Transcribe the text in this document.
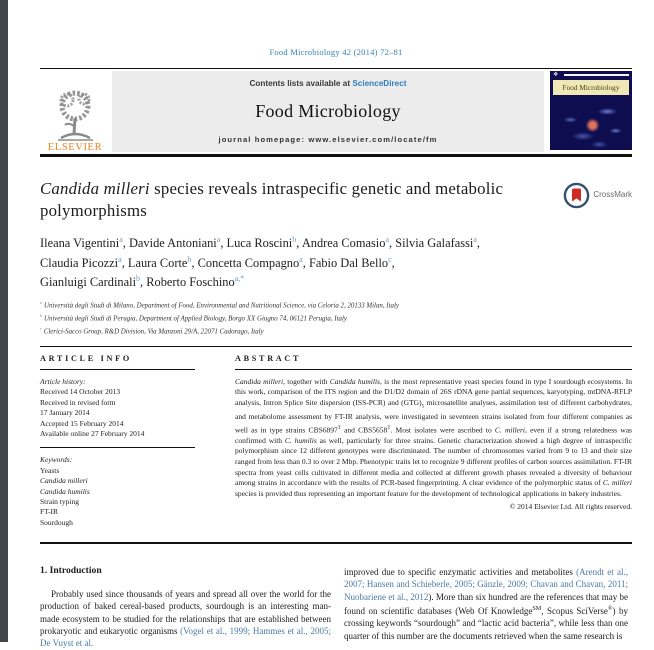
Food Microbiology 42 (2014) 72–81
ELSEVIER
Contents lists available at ScienceDirect
Food Microbiology
journal homepage: www.elsevier.com/locate/fm
❖
Food Microbiology
Candida milleri species reveals intraspecific genetic and metabolic polymorphisms
CrossMark
Ileana Vigentini$^a$, Davide Antoniani$^a$, Luca Roscini$^b$, Andrea Comasio$^a$, Silvia Galafassi$^a$,
Claudia Picozzi$^a$, Laura Corte$^b$, Concetta Compagno$^a$, Fabio Dal Bello$^c$,
Gianluigi Cardinali$^b$, Roberto Foschino$^{a,*}$
$^a$ Università degli Studi di Milano, Department of Food, Environmental and Nutritional Science, via Celoria 2, 20133 Milan, Italy
$^b$ Università degli Studi di Perugia, Department of Applied Biology, Borgo XX Giugno 74, 06121 Perugia, Italy
$^c$ Clerici-Sacco Group, R&D Division, Via Manzoni 29/A, 22071 Cadorago, Italy
ARTICLE INFO
Article history:
Received 14 October 2013
Received in revised form
17 January 2014
Accepted 15 February 2014
Available online 27 February 2014
Keywords:
Yeasts
Candida milleri
Candida humilis
Strain typing
FT-IR
Sourdough
ABSTRACT

Candida milleri, together with Candida humilis, is the most representative yeast species found in type I sourdough ecosystems. In this work, comparison of the ITS region and the D1/D2 domain of 26S rDNA gene partial sequences, karyotyping, mtDNA-RFLP analysis, Intron Splice Site dispersion (ISS-PCR) and $(GTG)_5$ microsatellite analyses, assimilation test of different carbohydrates, and metabolome assessment by FT-IR analysis, were investigated in seventeen strains isolated from four different companies as well as in type strains $CBS6897^T$ and $CBS5658^T$. Most isolates were ascribed to C. milleri, even if a strong relatedness was confirmed with C. humilis as well, particularly for three strains. Genetic characterization showed a high degree of intraspecific polymorphism since 12 different genotypes were discriminated. The number of chromosomes varied from 9 to 13 and their size ranged from less than 0.3 to over 2 Mbp. Phenotypic traits let to recognize 9 different profiles of carbon sources assimilation. FT-IR spectra from yeast cells cultivated in different media and collected at different growth phases revealed a diversity of behaviour among strains in accordance with the results of PCR-based fingerprinting. A clear evidence of the polymorphic status of C. milleri species is provided thus representing an important feature for the development of technological applications in bakery industries.

© 2014 Elsevier Ltd. All rights reserved.
1. Introduction

Probably used since thousands of years and spread all over the world for the production of baked cereal-based products, sourdough is an interesting man-made ecosystem to be studied for the relationships that are established between prokaryotic and eukaryotic organisms (Vogel et al., 1999; Hammes et al., 2005; De Vuyst et al.

improved due to specific enzymatic activities and metabolites (Arendt et al., 2007; Hansen and Schieberle, 2005; Gänzle, 2009; Chavan and Chavan, 2011; Nuobariene et al., 2012). More than six hundred are the references that may be found on scientific databases (Web Of Knowledge℠, Scopus SciVerse®) by crossing keywords “sourdough” and “lactic acid bacteria”, while less than one quarter of this number are the documents retrieved when the same research is
